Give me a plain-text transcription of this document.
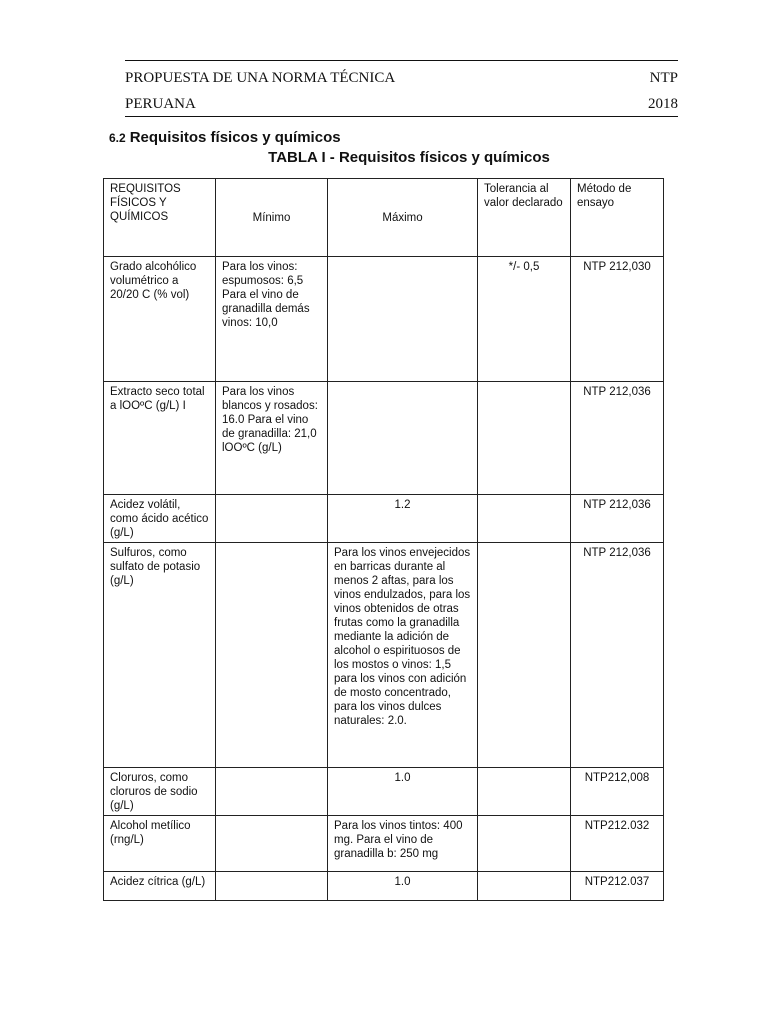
PROPUESTA DE UNA NORMA TÉCNICA	NTP
PERUANA	2018
6.2 Requisitos físicos y químicos
TABLA I - Requisitos físicos y químicos
REQUISITOS FÍSICOS Y QUÍMICOS	Mínimo	Máximo	Tolerancia al valor declarado	Método de ensayo
Grado alcohólico volumétrico a 20/20 C (% vol)	Para los vinos: espumosos: 6,5 Para el vino de granadilla demás vinos: 10,0		*/- 0,5	NTP 212,030
Extracto seco total a lOOºC (g/L) I	Para los vinos blancos y rosados: 16.0 Para el vino de granadilla: 21,0 lOOºC (g/L)			NTP 212,036
Acidez volátil, como ácido acético (g/L)		1.2		NTP 212,036
Sulfuros, como sulfato de potasio (g/L)		Para los vinos envejecidos en barricas durante al menos 2 aftas, para los vinos endulzados, para los vinos obtenidos de otras frutas como la granadilla mediante la adición de alcohol o espirituosos de los mostos o vinos: 1,5 para los vinos con adición de mosto concentrado, para los vinos dulces naturales: 2.0.		NTP 212,036
Cloruros, como cloruros de sodio (g/L)		1.0		NTP212,008
Alcohol metílico (rng/L)		Para los vinos tintos: 400 mg. Para el vino de granadilla b: 250 mg		NTP212.032
Acidez cítrica (g/L)		1.0		NTP212.037
